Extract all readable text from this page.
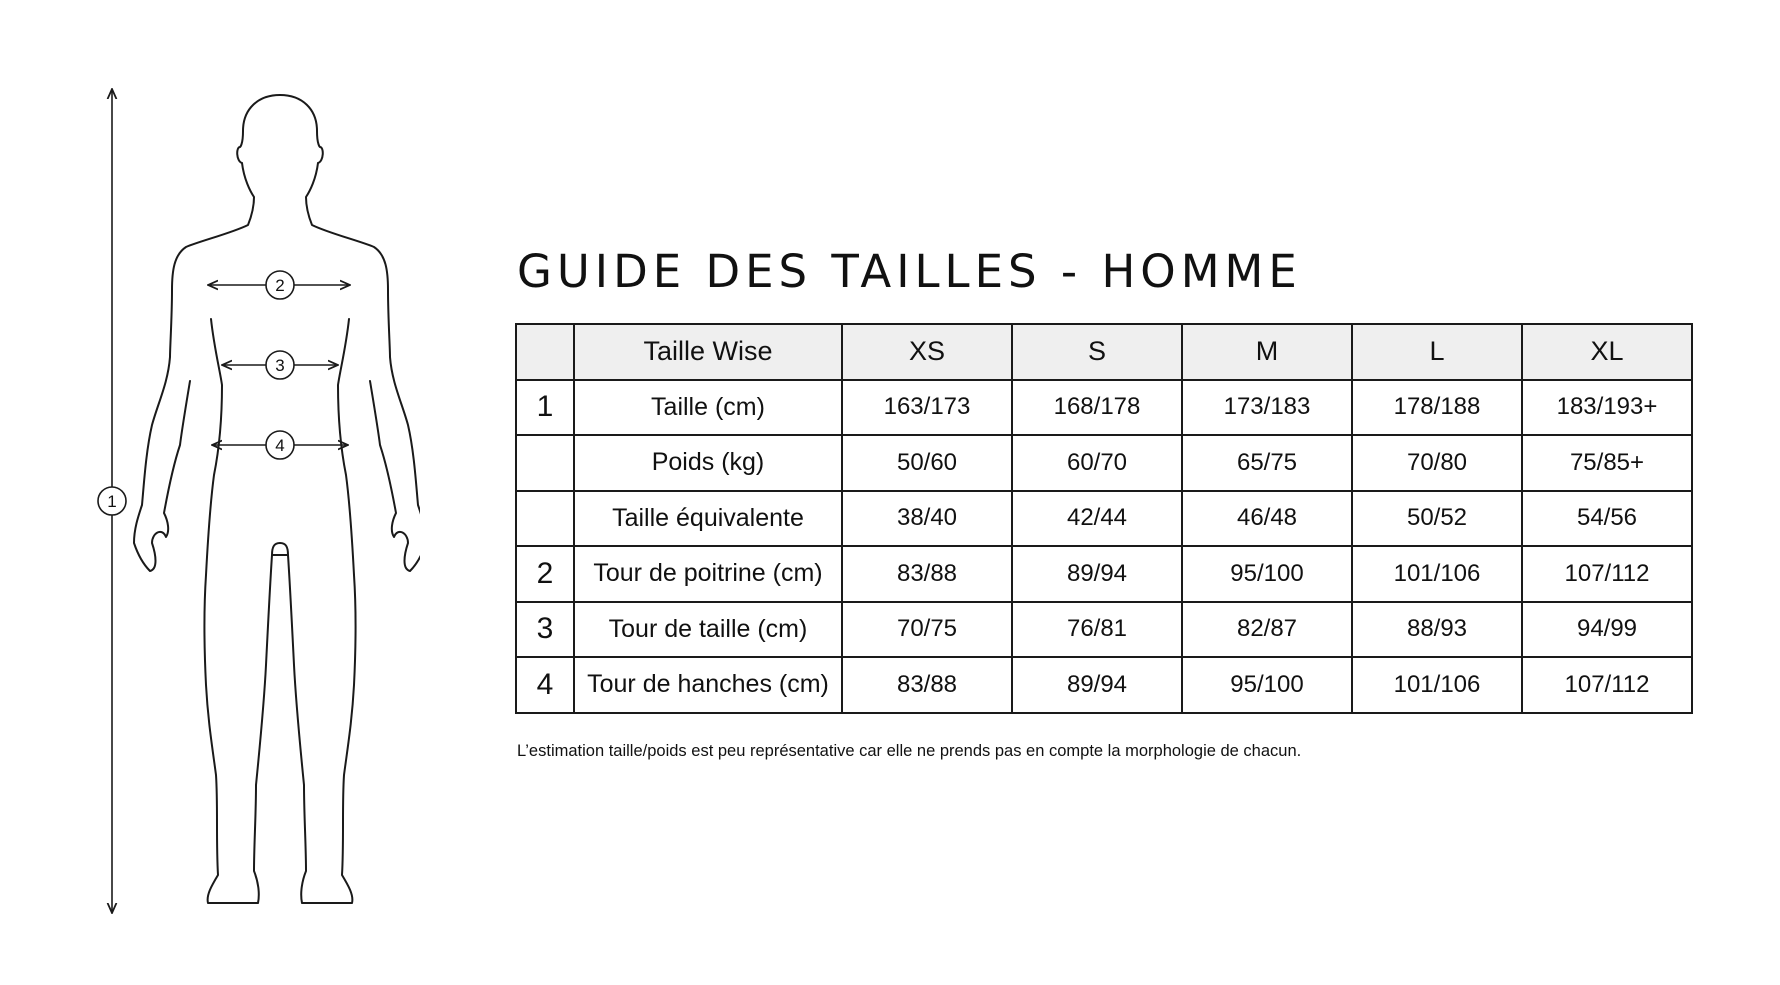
1
2
3
4
GUIDE DES TAILLES - HOMME
	Taille Wise	XS	S	M	L	XL
1	Taille (cm)	163/173	168/178	173/183	178/188	183/193+
	Poids (kg)	50/60	60/70	65/75	70/80	75/85+
	Taille équivalente	38/40	42/44	46/48	50/52	54/56
2	Tour de poitrine (cm)	83/88	89/94	95/100	101/106	107/112
3	Tour de taille (cm)	70/75	76/81	82/87	88/93	94/99
4	Tour de hanches (cm)	83/88	89/94	95/100	101/106	107/112
L’estimation taille/poids est peu représentative car elle ne prends pas en compte la morphologie de chacun.
